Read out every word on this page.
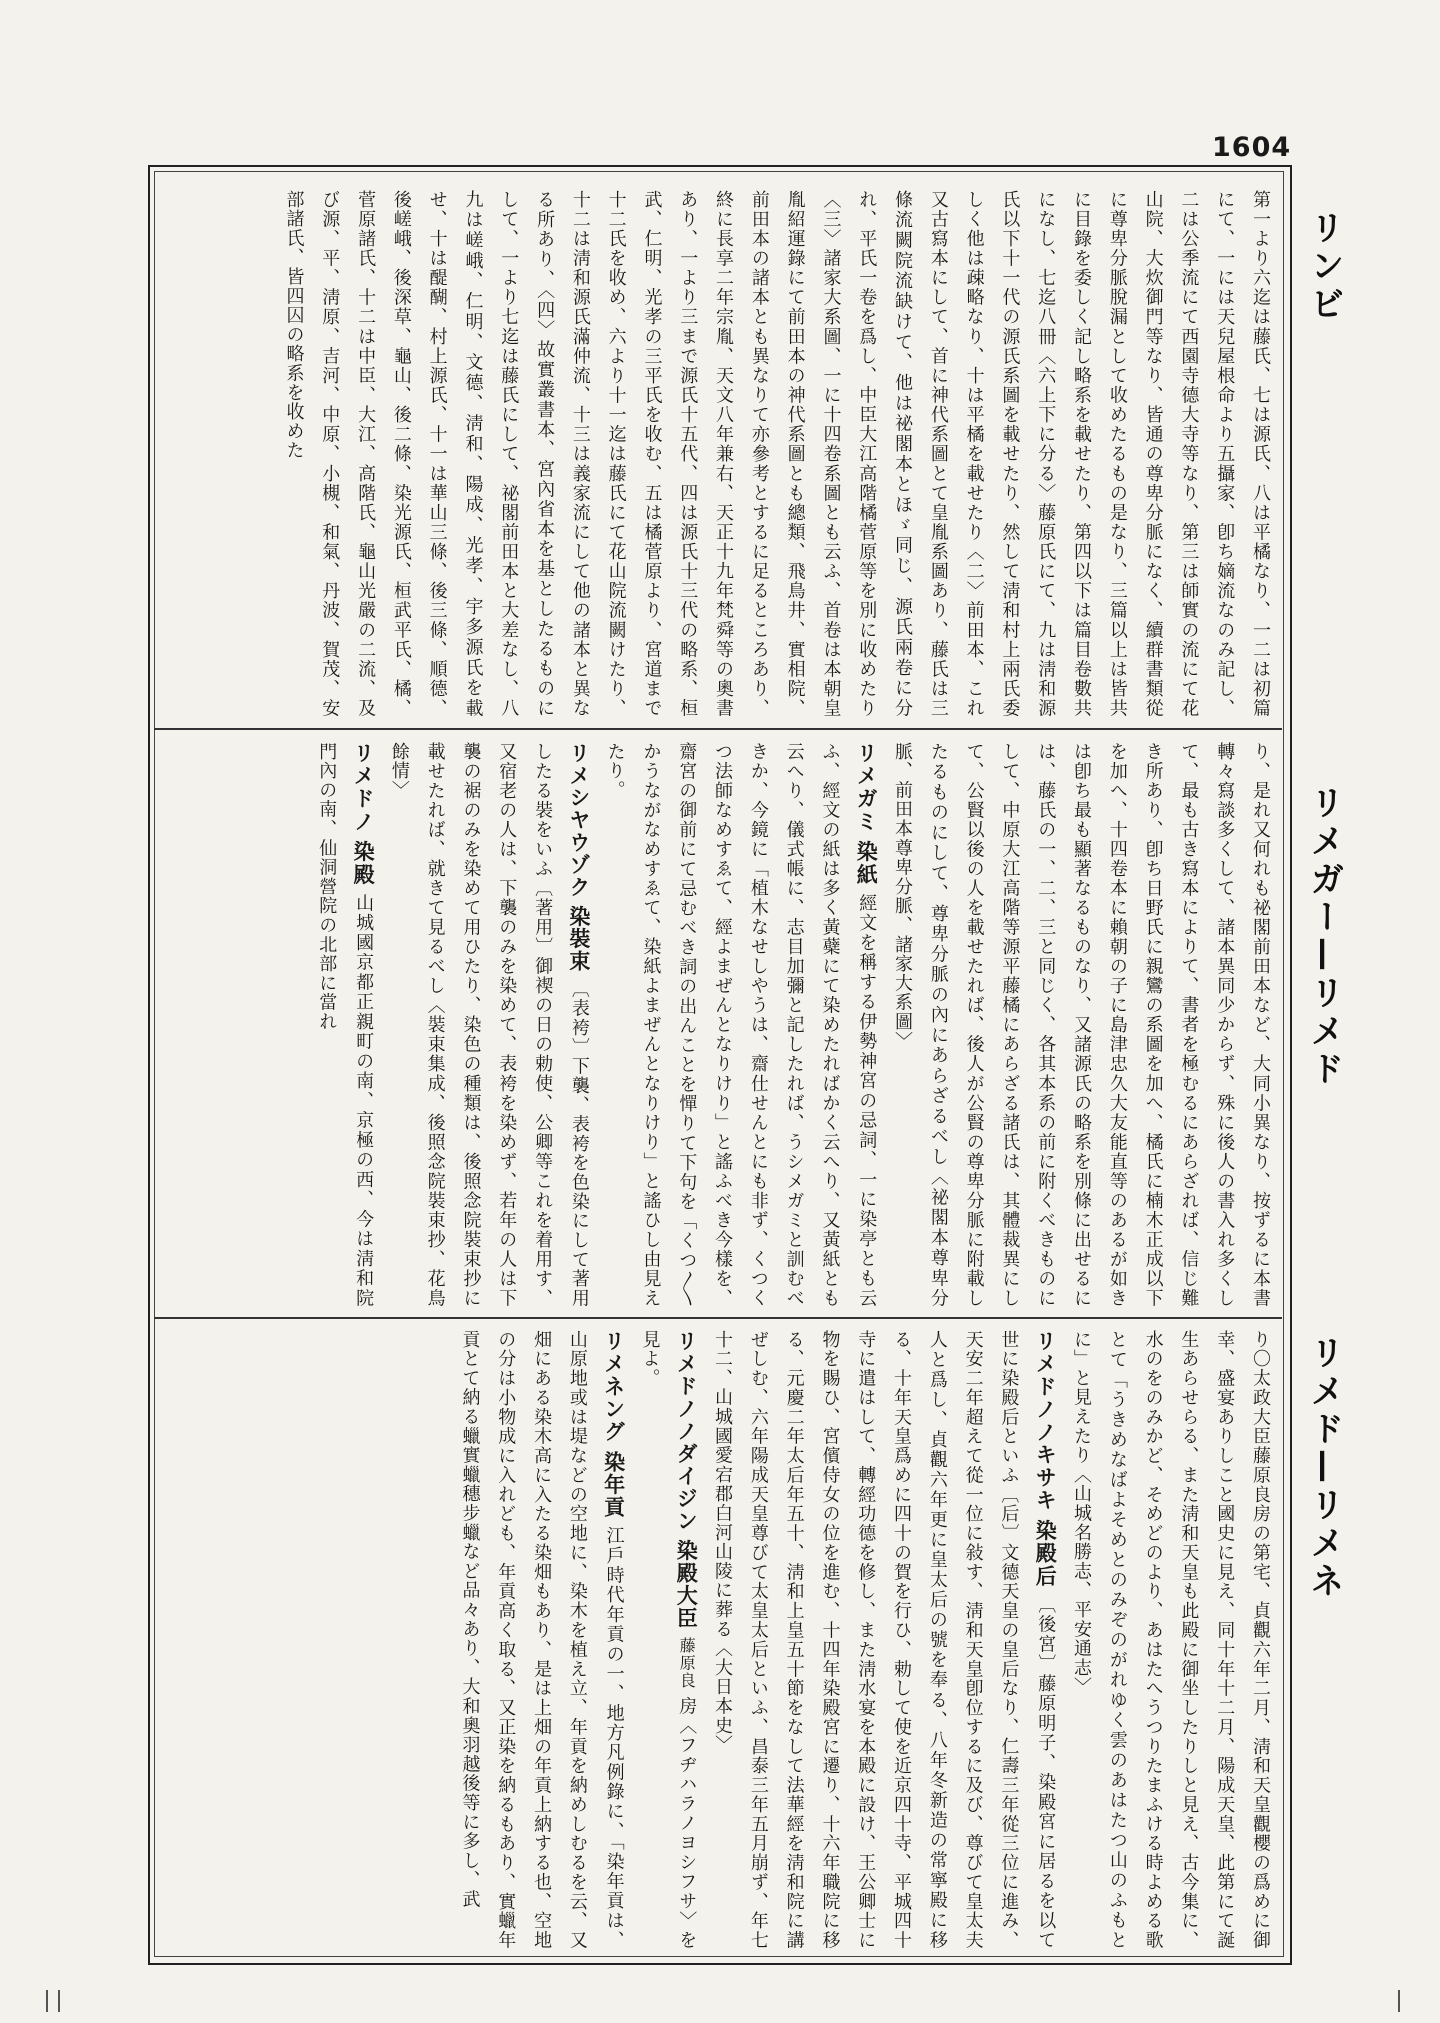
1604
リンビ
リメガー—リメド
リメド—リメネ

第一より六迄は藤氏、七は源氏、八は平橘なり、一二は初篇にて、一には天兒屋根命より五攝家、卽ち嫡流なのみ記し、二は公季流にて西園寺德大寺等なり、第三は師實の流にて花山院、大炊御門等なり、皆通の尊卑分脈になく、續群書類從に尊卑分脈脫漏として收めたるもの是なり、三篇以上は皆共に目錄を委しく記し略系を載せたり、第四以下は篇目卷數共になし、七迄八冊〈六上下に分る〉藤原氏にて、九は淸和源氏以下十一代の源氏系圖を載せたり、然して淸和村上兩氏委しく他は疎略なり、十は平橘を載せたり〈二〉前田本、これ又古寫本にして、首に神代系圖とて皇胤系圖あり、藤氏は三條流闕院流缺けて、他は祕閣本とほゞ同じ、源氏兩卷に分れ、平氏一卷を爲し、中臣大江高階橘菅原等を別に收めたり〈三〉諸家大系圖、一に十四卷系圖とも云ふ、首卷は本朝皇胤紹運錄にて前田本の神代系圖とも總類、飛鳥井、實相院、前田本の諸本とも異なりて亦參考とするに足るところあり、終に長享二年宗胤、天文八年兼右、天正十九年梵舜等の奧書あり、一より三まで源氏十五代、四は源氏十三代の略系、桓武、仁明、光孝の三平氏を收む、五は橘菅原より、宮道まで十二氏を收め、六より十一迄は藤氏にて花山院流闕けたり、十二は淸和源氏滿仲流、十三は義家流にして他の諸本と異なる所あり、〈四〉故實叢書本、宮內省本を基としたるものにして、一より七迄は藤氏にして、祕閣前田本と大差なし、八九は嵯峨、仁明、文德、淸和、陽成、光孝、宇多源氏を載せ、十は醍醐、村上源氏、十一は華山三條、後三條、順德、後嵯峨、後深草、龜山、後二條、染光源氏、桓武平氏、橘、菅原諸氏、十二は中臣、大江、高階氏、龜山光嚴の二流、及び源、平、淸原、吉河、中原、小槻、和氣、丹波、賀茂、安部諸氏、皆四囚の略系を收めた

り、是れ又何れも祕閣前田本など、大同小異なり、按ずるに本書轉々寫談多くして、諸本異同少からず、殊に後人の書入れ多くして、最も古き寫本によりて、書者を極むるにあらざれば、信じ難き所あり、卽ち日野氏に親鸞の系圖を加へ、橘氏に楠木正成以下を加へ、十四卷本に賴朝の子に島津忠久大友能直等のあるが如きは卽ち最も顯著なるものなり、又諸源氏の略系を別條に出せるには、藤氏の一、二、三と同じく、各其本系の前に附くべきものにして、中原大江高階等源平藤橘にあらざる諸氏は、其體裁異にして、公賢以後の人を載せたれば、後人が公賢の尊卑分脈に附載したるものにして、尊卑分脈の內にあらざるべし〈祕閣本尊卑分脈、前田本尊卑分脈、諸家大系圖〉

リメガミ 染紙 經文を稱する伊勢神宮の忌詞、一に染亭とも云ふ、經文の紙は多く黃蘗にて染めたればかく云へり、又黃紙とも云へり、儀式帳に、志目加彌と記したれば、うシメガミと訓むべきか、今鏡に「植木なせしやうは、齋仕せんとにも非ず、くつくつ法師なめすゑて、經よまぜんとなりけり」と謠ふべき今樣を、齋宮の御前にて忌むべき詞の出んことを憚りて下句を「くつ〳〵かうながなめすゑて、染紙よまぜんとなりけり」と謠ひし由見えたり。

リメシヤウゾク 染裝束 〔表袴〕下襲、表袴を色染にして著用したる裝をいふ〔著用〕御禊の日の勅使、公卿等これを着用す、又宿老の人は、下襲のみを染めて、表袴を染めず、若年の人は下襲の裾のみを染めて用ひたり、染色の種類は、後照念院裝束抄に載せたれば、就きて見るべし〈裝束集成、後照念院裝束抄、花鳥餘情〉

リメドノ 染殿 山城國京都正親町の南、京極の西、今は淸和院門內の南、仙洞營院の北部に當れ

り〇太政大臣藤原良房の第宅、貞觀六年二月、淸和天皇觀櫻の爲めに御幸、盛宴ありしこと國史に見え、同十年十二月、陽成天皇、此第にて誕生あらせらる、また淸和天皇も此殿に御坐したりしと見え、古今集に、水のをのみかど、そめどのより、あはたへうつりたまふける時よめる歌とて「うきめなばよそめとのみぞのがれゆく雲のあはたつ山のふもとに」と見えたり〈山城名勝志、平安通志〉

リメドノノキサキ 染殿后 〔後宮〕藤原明子、染殿宮に居るを以て世に染殿后といふ〔后〕文德天皇の皇后なり、仁壽三年從三位に進み、天安二年超えて從一位に敍す、淸和天皇卽位するに及び、尊びて皇太夫人と爲し、貞觀六年更に皇太后の號を奉る、八年冬新造の常寧殿に移る、十年天皇爲めに四十の賀を行ひ、勅して使を近京四十寺、平城四十寺に遣はして、轉經功德を修し、また淸水宴を本殿に設け、王公卿士に物を賜ひ、宮儐侍女の位を進む、十四年染殿宮に遷り、十六年職院に移る、元慶二年太后年五十、淸和上皇五十節をなして法華經を淸和院に講ぜしむ、六年陽成天皇尊びて太皇太后といふ、昌泰三年五月崩ず、年七十二、山城國愛宕郡白河山陵に葬る〈大日本史〉

リメドノノダイジン 染殿大臣 藤原良 房〈フヂハラノヨシフサ〉を見よ。

リメネング 染年貢 江戶時代年貢の一、地方凡例錄に、「染年貢は、山原地或は堤などの空地に、染木を植え立、年貢を納めしむるを云、又畑にある染木高に入たる染畑もあり、是は上畑の年貢上納する也、空地の分は小物成に入れども、年貢高く取る、又正染を納るもあり、實蠟年貢とて納る蠟實蠟穗步蠟など品々あり、大和奧羽越後等に多し、武
